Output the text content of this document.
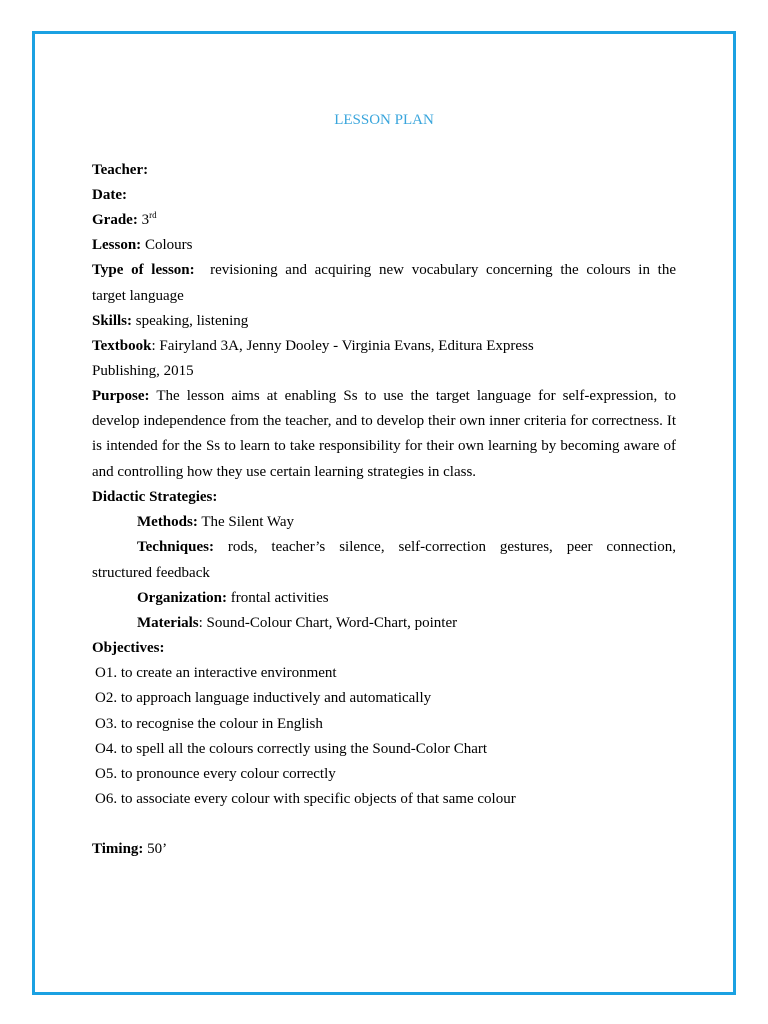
LESSON PLAN
Teacher:
Date:
Grade: 3rd
Lesson: Colours
Type of lesson: revisioning and acquiring new vocabulary concerning the colours in the
target language
Skills: speaking, listening
Textbook: Fairyland 3A, Jenny Dooley - Virginia Evans, Editura Express
Publishing, 2015
Purpose: The lesson aims at enabling Ss to use the target language for self-expression, to develop independence from the teacher, and to develop their own inner criteria for correctness. It is intended for the Ss to learn to take responsibility for their own learning by becoming aware of and controlling how they use certain learning strategies in class.
Didactic Strategies:
Methods: The Silent Way
Techniques: rods, teacher’s silence, self-correction gestures, peer connection,
structured feedback
Organization: frontal activities
Materials: Sound-Colour Chart, Word-Chart, pointer
Objectives:
O1. to create an interactive environment
O2. to approach language inductively and automatically
O3. to recognise the colour in English
O4. to spell all the colours correctly using the Sound-Color Chart
O5. to pronounce every colour correctly
O6. to associate every colour with specific objects of that same colour
Timing: 50’
